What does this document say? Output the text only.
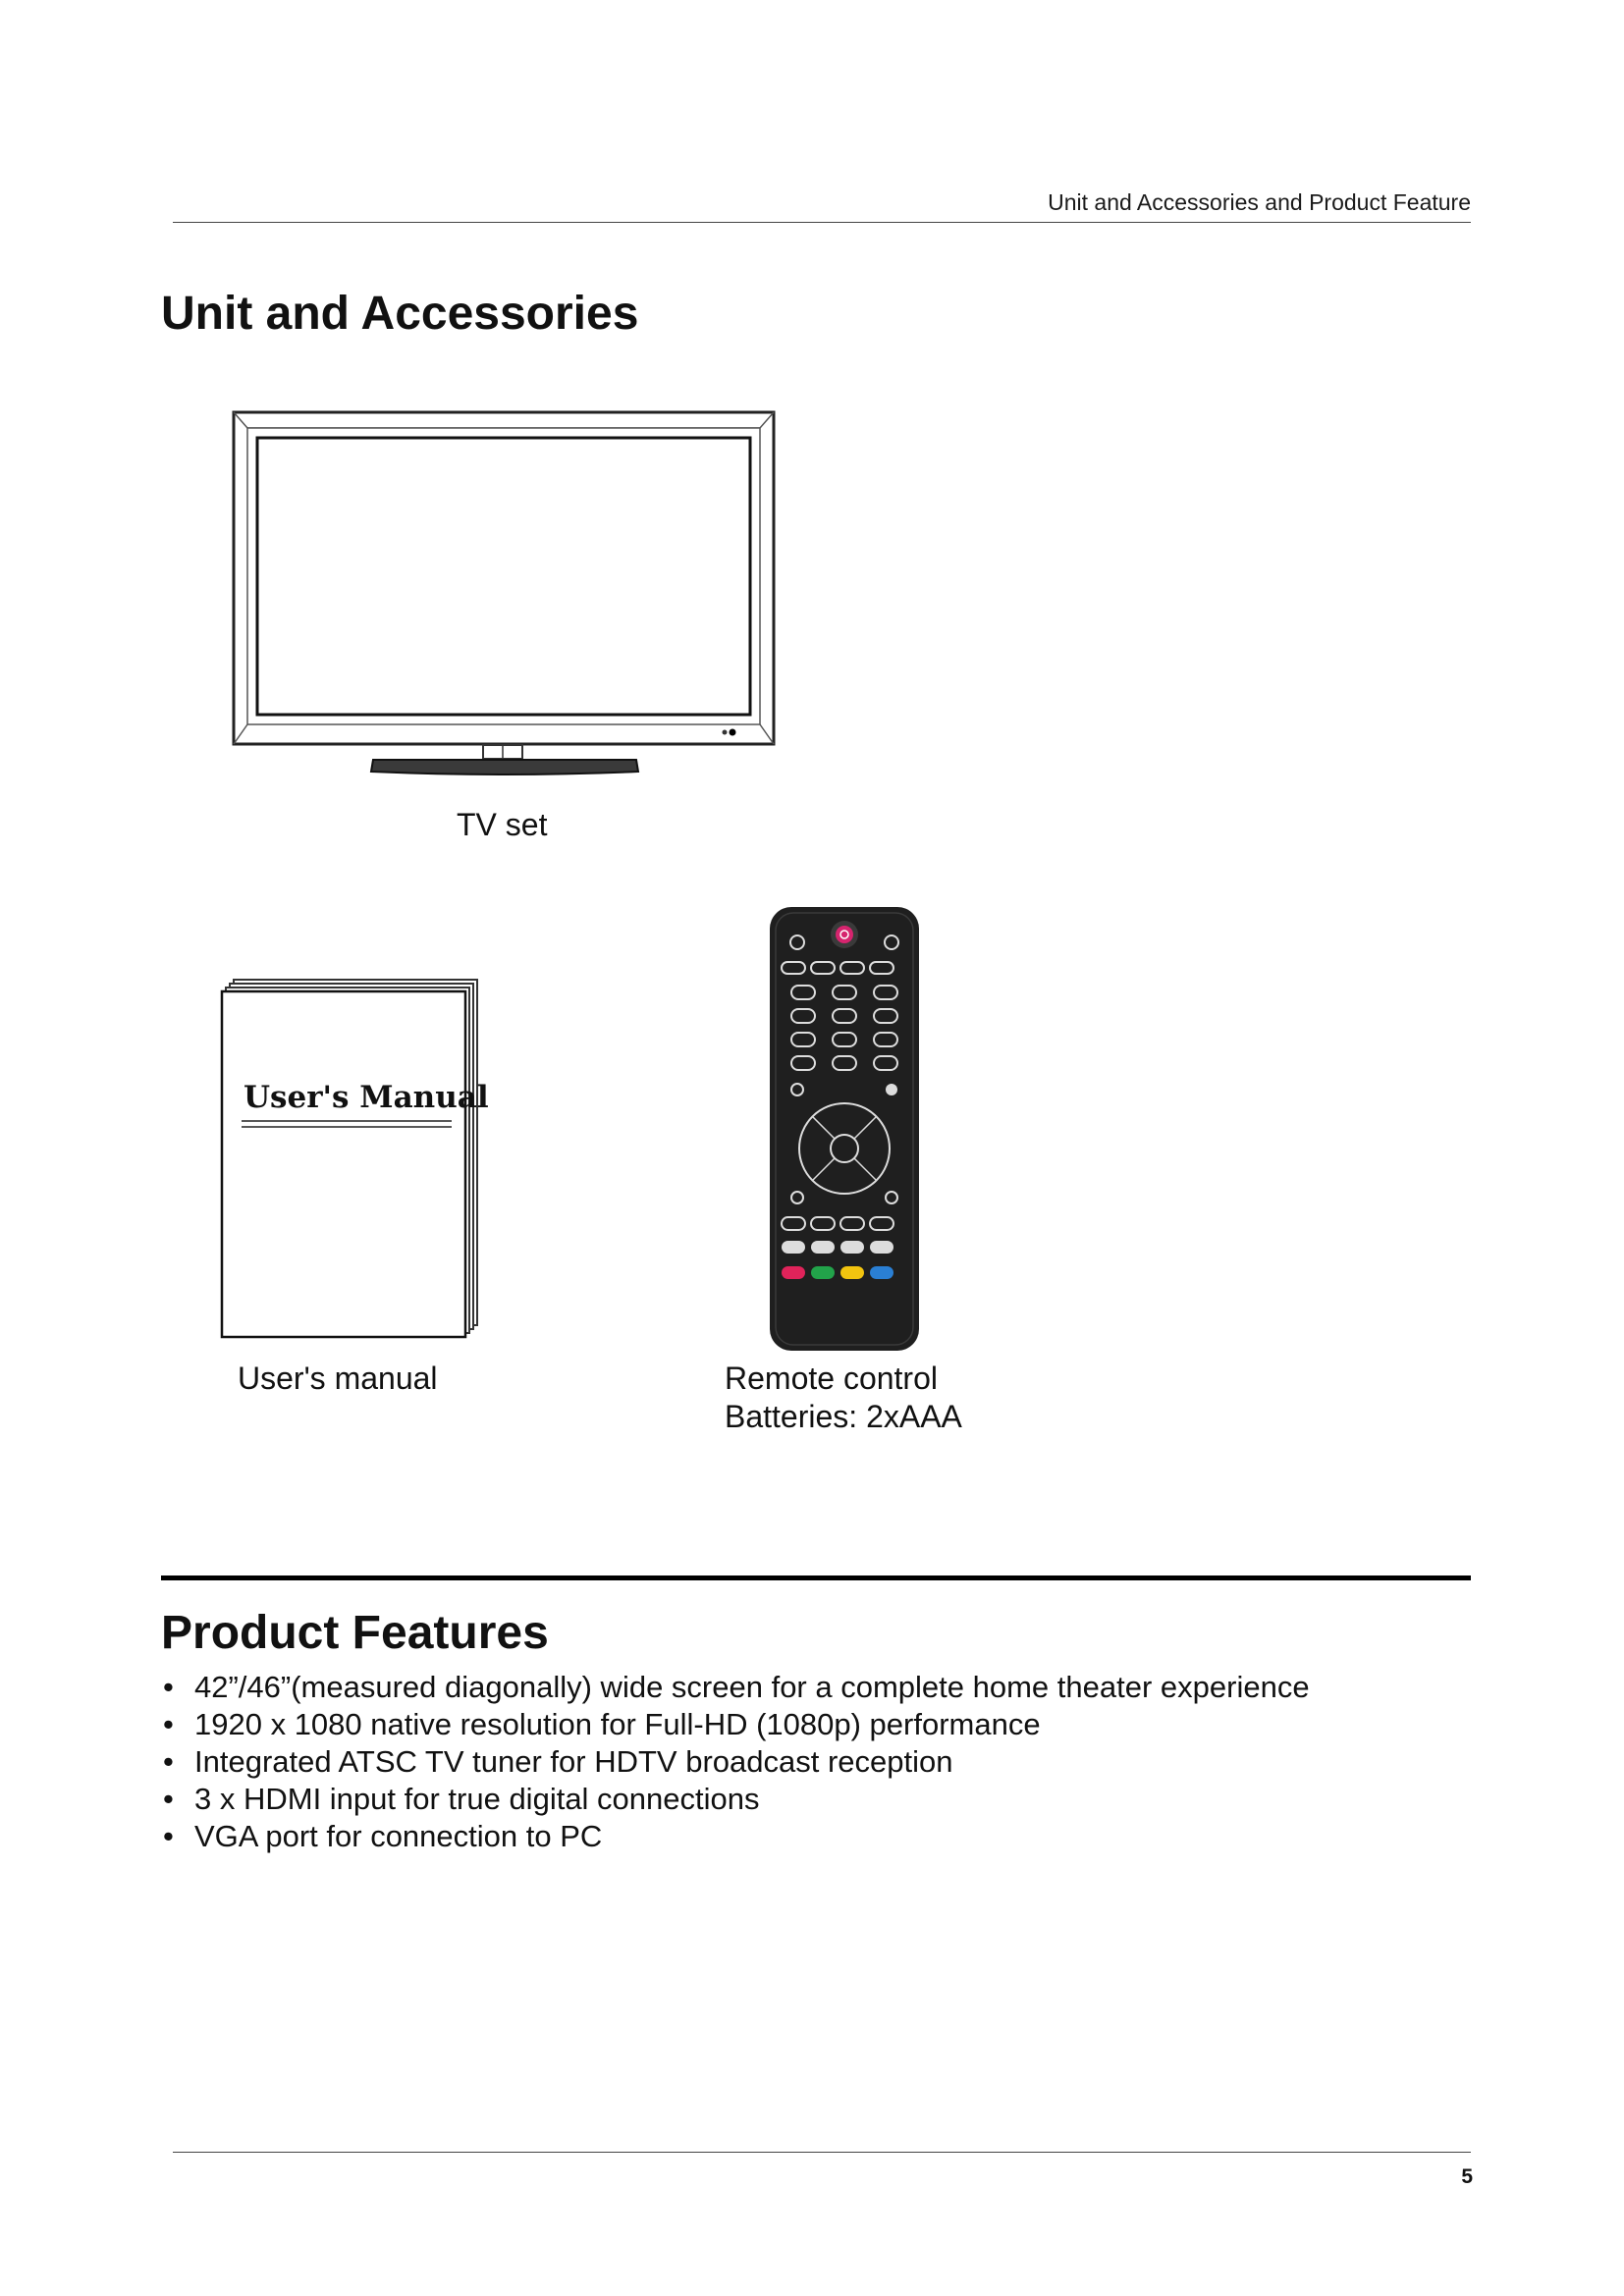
Unit and Accessories and Product Feature
Unit and Accessories
TV set
User's Manual
User's manual	Remote control
Batteries: 2xAAA
Product Features
• 42”/46”(measured diagonally) wide screen for a complete home theater experience
• 1920 x 1080 native resolution for Full-HD (1080p) performance
• Integrated ATSC TV tuner for HDTV broadcast reception
• 3 x HDMI input for true digital connections
• VGA port for connection to PC
5
